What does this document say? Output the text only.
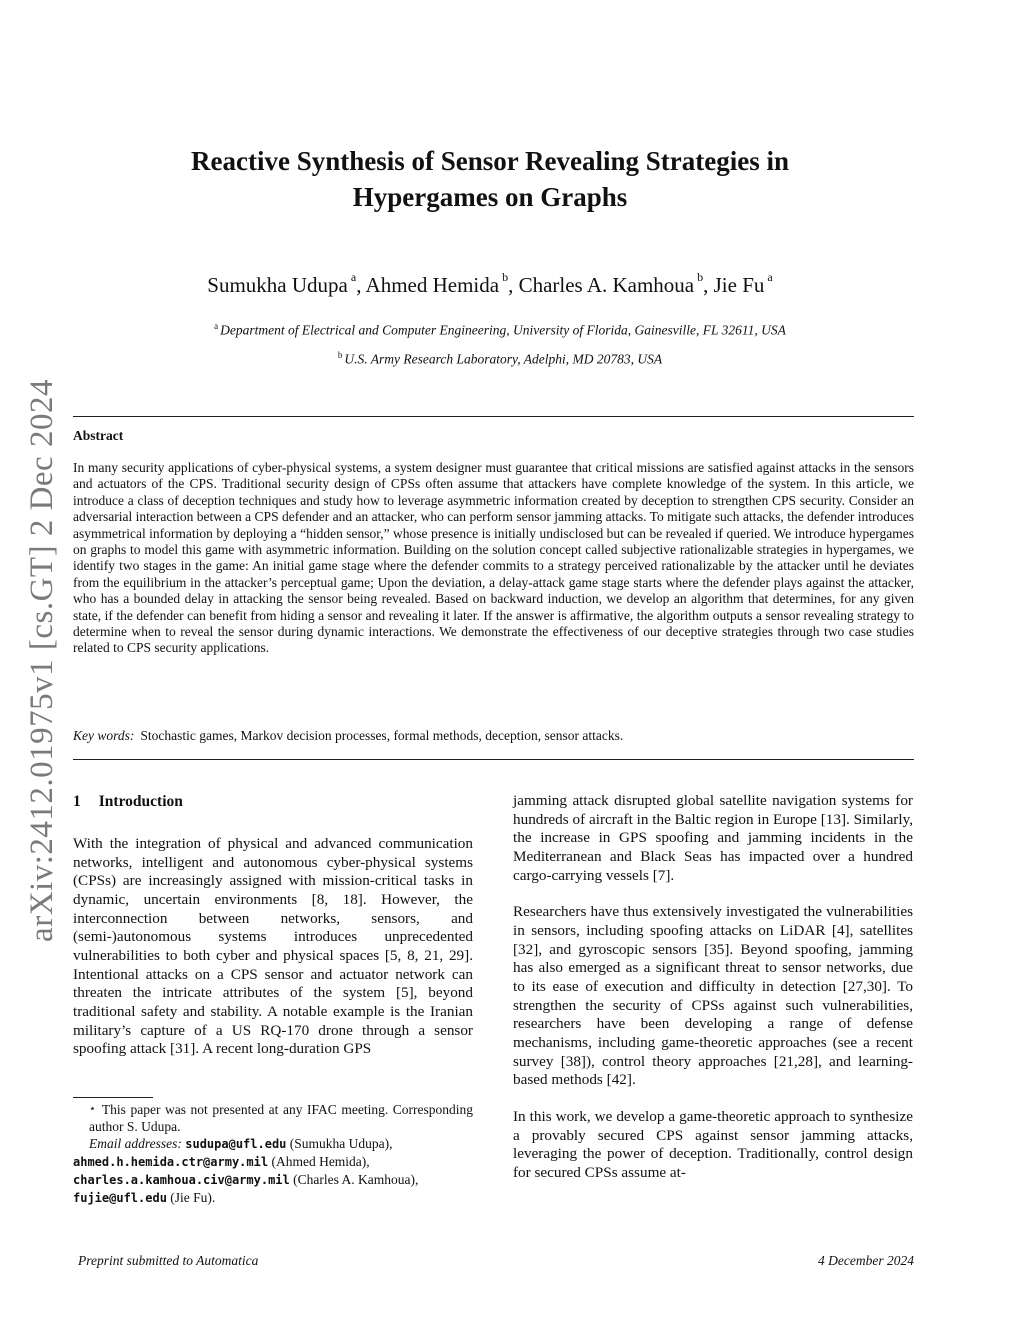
arXiv:2412.01975v1 [cs.GT] 2 Dec 2024
Reactive Synthesis of Sensor Revealing Strategies in
Hypergames on Graphs
Sumukha Udupa $^a$, Ahmed Hemida $^b$, Charles A. Kamhoua $^b$, Jie Fu $^a$
$^a$ Department of Electrical and Computer Engineering, University of Florida, Gainesville, FL 32611, USA
$^b$ U.S. Army Research Laboratory, Adelphi, MD 20783, USA
Abstract
In many security applications of cyber-physical systems, a system designer must guarantee that critical missions are satisfied against attacks in the sensors and actuators of the CPS. Traditional security design of CPSs often assume that attackers have complete knowledge of the system. In this article, we introduce a class of deception techniques and study how to leverage asymmetric information created by deception to strengthen CPS security. Consider an adversarial interaction between a CPS defender and an attacker, who can perform sensor jamming attacks. To mitigate such attacks, the defender introduces asymmetrical information by deploying a “hidden sensor,” whose presence is initially undisclosed but can be revealed if queried. We introduce hypergames on graphs to model this game with asymmetric information. Building on the solution concept called subjective rationalizable strategies in hypergames, we identify two stages in the game: An initial game stage where the defender commits to a strategy perceived rationalizable by the attacker until he deviates from the equilibrium in the attacker’s perceptual game; Upon the deviation, a delay-attack game stage starts where the defender plays against the attacker, who has a bounded delay in attacking the sensor being revealed. Based on backward induction, we develop an algorithm that determines, for any given state, if the defender can benefit from hiding a sensor and revealing it later. If the answer is affirmative, the algorithm outputs a sensor revealing strategy to determine when to reveal the sensor during dynamic interactions. We demonstrate the effectiveness of our deceptive strategies through two case studies related to CPS security applications.
Key words: Stochastic games, Markov decision processes, formal methods, deception, sensor attacks.
1 Introduction

With the integration of physical and advanced communication networks, intelligent and autonomous cyber-physical systems (CPSs) are increasingly assigned with mission-critical tasks in dynamic, uncertain environments [8, 18]. However, the interconnection between networks, sensors, and (semi-)autonomous systems introduces unprecedented vulnerabilities to both cyber and physical spaces [5, 8, 21, 29]. Intentional attacks on a CPS sensor and actuator network can threaten the intricate attributes of the system [5], beyond traditional safety and stability. A notable example is the Iranian military’s capture of a US RQ-170 drone through a sensor spoofing attack [31]. A recent long-duration GPS

jamming attack disrupted global satellite navigation systems for hundreds of aircraft in the Baltic region in Europe [13]. Similarly, the increase in GPS spoofing and jamming incidents in the Mediterranean and Black Seas has impacted over a hundred cargo-carrying vessels [7].

Researchers have thus extensively investigated the vulnerabilities in sensors, including spoofing attacks on LiDAR [4], satellites [32], and gyroscopic sensors [35]. Beyond spoofing, jamming has also emerged as a significant threat to sensor networks, due to its ease of execution and difficulty in detection [27,30]. To strengthen the security of CPSs against such vulnerabilities, researchers have been developing a range of defense mechanisms, including game-theoretic approaches (see a recent survey [38]), control theory approaches [21,28], and learning-based methods [42].

In this work, we develop a game-theoretic approach to synthesize a provably secured CPS against sensor jamming attacks, leveraging the power of deception. Traditionally, control design for secured CPSs assume at-

⋆ This paper was not presented at any IFAC meeting. Corresponding author S. Udupa.

Email addresses: sudupa@ufl.edu (Sumukha Udupa),

ahmed.h.hemida.ctr@army.mil (Ahmed Hemida),

charles.a.kamhoua.civ@army.mil (Charles A. Kamhoua),

fujie@ufl.edu (Jie Fu).

Preprint submitted to Automatica	4 December 2024
